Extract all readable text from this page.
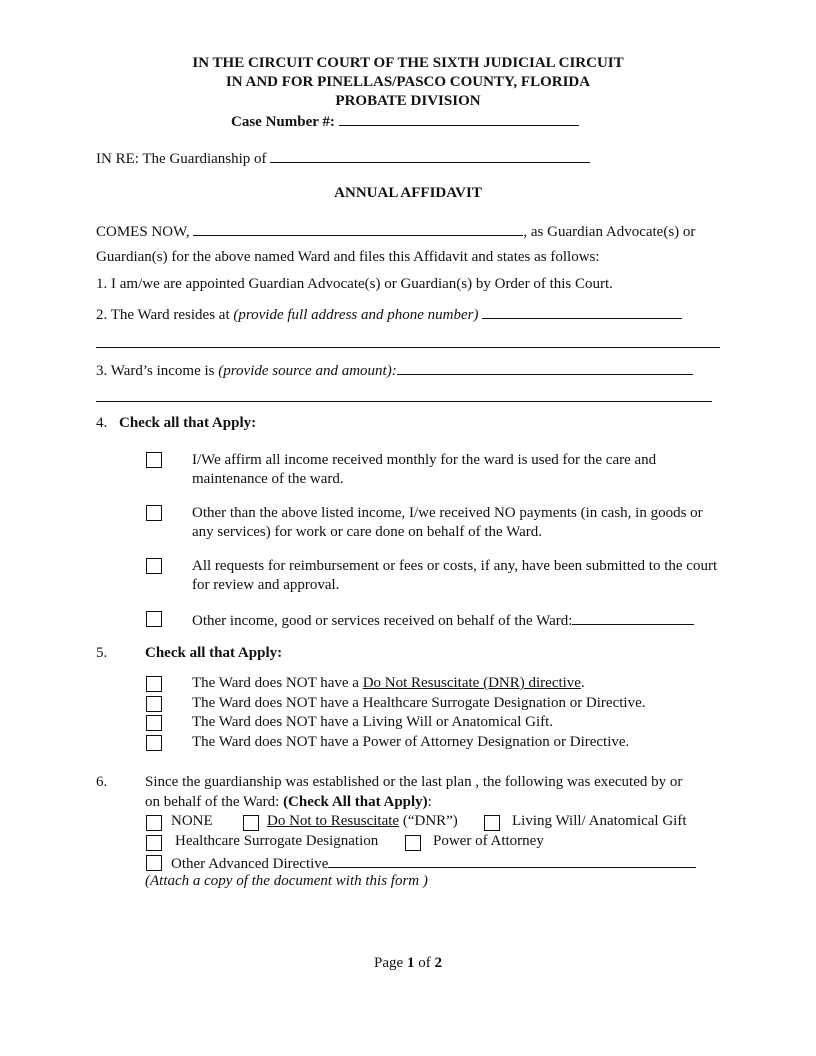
IN THE CIRCUIT COURT OF THE SIXTH JUDICIAL CIRCUIT
IN AND FOR PINELLAS/PASCO COUNTY, FLORIDA
PROBATE DIVISION
Case Number #:
IN RE: The Guardianship of
ANNUAL AFFIDAVIT
COMES NOW,	, as Guardian Advocate(s) or
Guardian(s) for the above named Ward and files this Affidavit and states as follows:
1. I am/we are appointed Guardian Advocate(s) or Guardian(s) by Order of this Court.
2. The Ward resides at (provide full address and phone number)
3. Ward’s income is (provide source and amount):
4. Check all that Apply:
I/We affirm all income received monthly for the ward is used for the care and maintenance of the ward.
Other than the above listed income, I/we received NO payments (in cash, in goods or any services) for work or care done on behalf of the Ward.
All requests for reimbursement or fees or costs, if any, have been submitted to the court for review and approval.
Other income, good or services received on behalf of the Ward:
5.	Check all that Apply:
The Ward does NOT have a Do Not Resuscitate (DNR) directive.
The Ward does NOT have a Healthcare Surrogate Designation or Directive.
The Ward does NOT have a Living Will or Anatomical Gift.
The Ward does NOT have a Power of Attorney Designation or Directive.
6.	Since the guardianship was established or the last plan , the following was executed by or
on behalf of the Ward: (Check All that Apply):
NONE	Do Not to Resuscitate (“DNR”)	Living Will/ Anatomical Gift
Healthcare Surrogate Designation	Power of Attorney
Other Advanced Directive
(Attach a copy of the document with this form )
Page 1 of 2
